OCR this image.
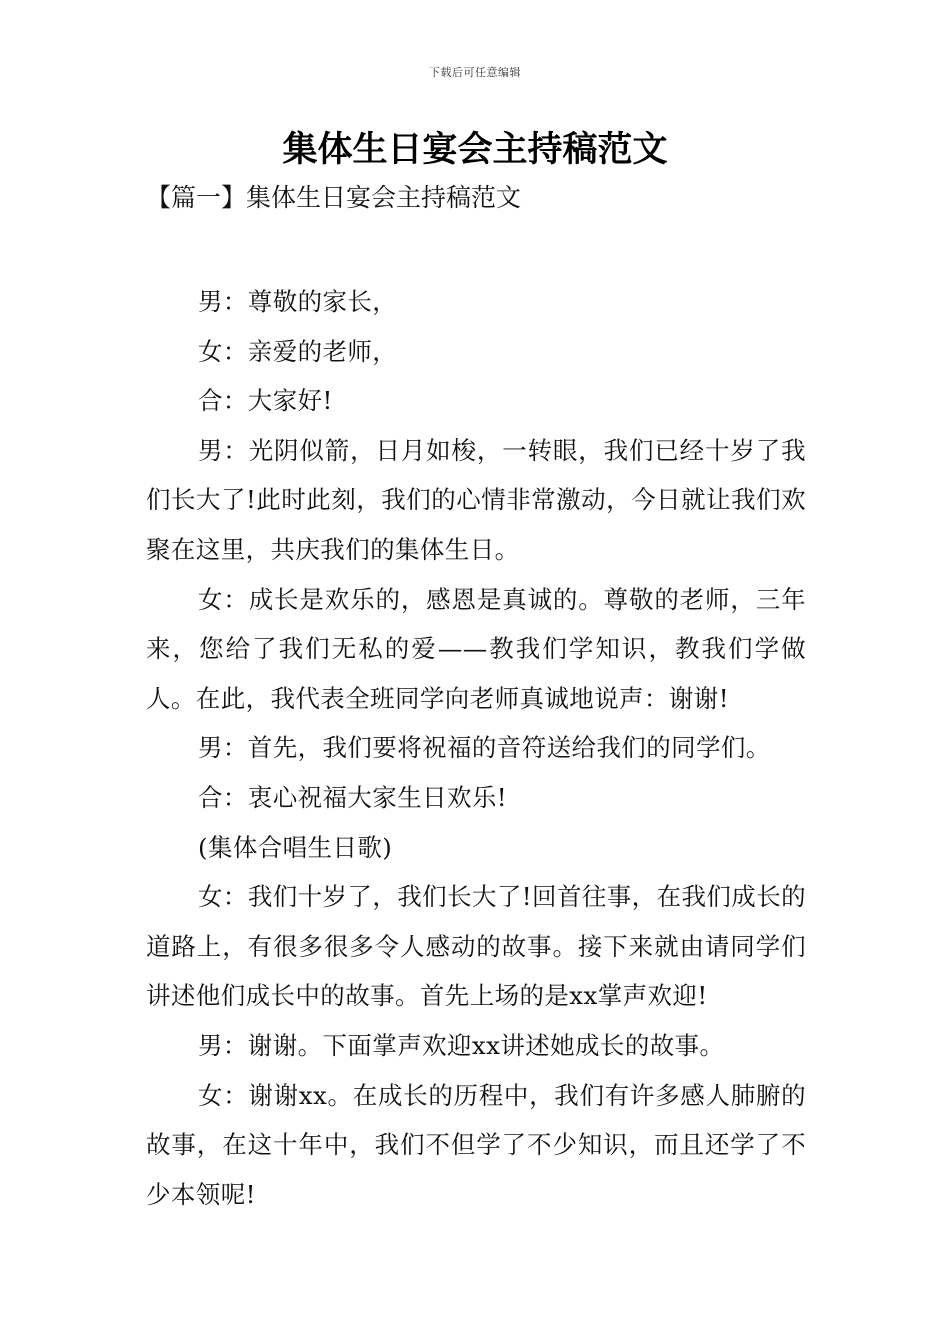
下载后可任意编辑
集体生日宴会主持稿范文
【篇一】集体生日宴会主持稿范文

男：尊敬的家长，

女：亲爱的老师，

合：大家好!

男：光阴似箭，日月如梭，一转眼，我们已经十岁了我们长大了!此时此刻，我们的心情非常激动，今日就让我们欢聚在这里，共庆我们的集体生日。

女：成长是欢乐的，感恩是真诚的。尊敬的老师，三年来，您给了我们无私的爱——教我们学知识，教我们学做人。在此，我代表全班同学向老师真诚地说声：谢谢!

男：首先，我们要将祝福的音符送给我们的同学们。

合：衷心祝福大家生日欢乐!

(集体合唱生日歌)

女：我们十岁了，我们长大了!回首往事，在我们成长的道路上，有很多很多令人感动的故事。接下来就由请同学们讲述他们成长中的故事。首先上场的是xx掌声欢迎!

男：谢谢。下面掌声欢迎xx讲述她成长的故事。

女：谢谢xx。在成长的历程中，我们有许多感人肺腑的故事，在这十年中，我们不但学了不少知识，而且还学了不少本领呢!
